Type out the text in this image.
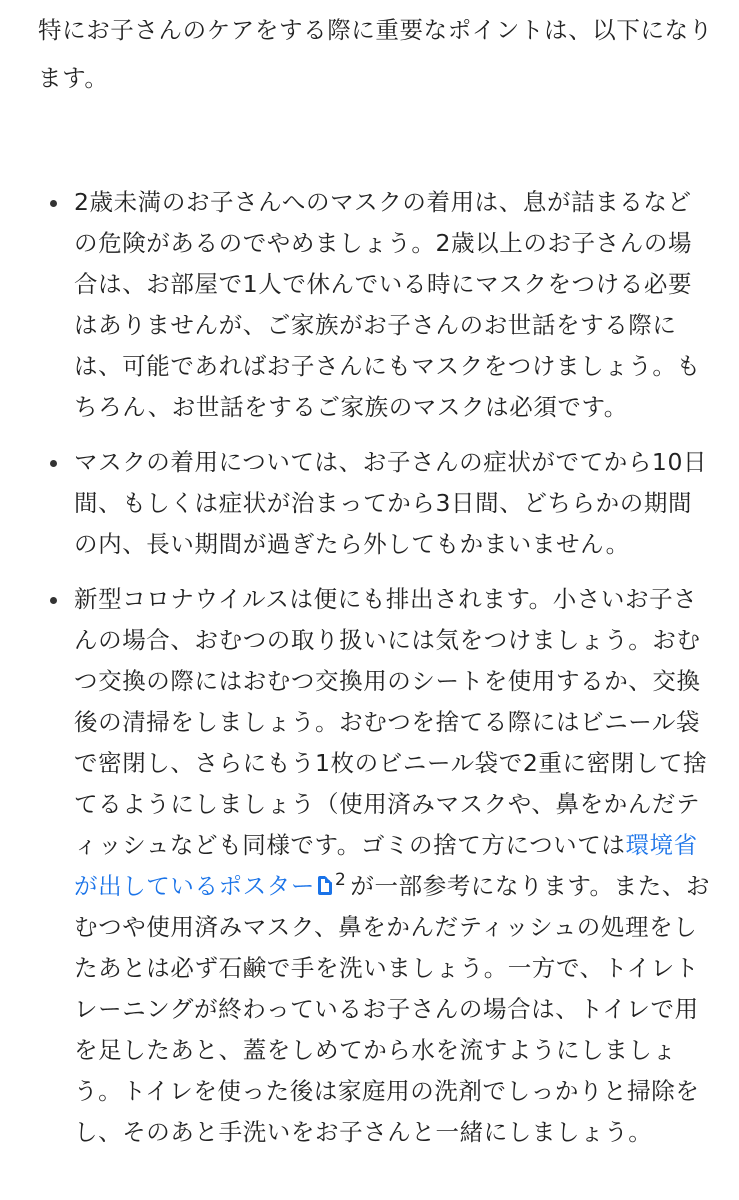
特にお子さんのケアをする際に重要なポイントは、以下になります。

2歳未満のお子さんへのマスクの着用は、息が詰まるなどの危険があるのでやめましょう。2歳以上のお子さんの場合は、お部屋で1人で休んでいる時にマスクをつける必要はありませんが、ご家族がお子さんのお世話をする際には、可能であればお子さんにもマスクをつけましょう。もちろん、お世話をするご家族のマスクは必須です。
マスクの着用については、お子さんの症状がでてから10日間、もしくは症状が治まってから3日間、どちらかの期間の内、長い期間が過ぎたら外してもかまいません。
新型コロナウイルスは便にも排出されます。小さいお子さんの場合、おむつの取り扱いには気をつけましょう。おむつ交換の際にはおむつ交換用のシートを使用するか、交換後の清掃をしましょう。おむつを捨てる際にはビニール袋で密閉し、さらにもう1枚のビニール袋で2重に密閉して捨てるようにしましょう（使用済みマスクや、鼻をかんだティッシュなども同様です。ゴミの捨て方については環境省が出しているポスター $^2$ が一部参考になります。また、おむつや使用済みマスク、鼻をかんだティッシュの処理をしたあとは必ず石鹸で手を洗いましょう。一方で、トイレトレーニングが終わっているお子さんの場合は、トイレで用を足したあと、蓋をしめてから水を流すようにしましょう。トイレを使った後は家庭用の洗剤でしっかりと掃除をし、そのあと手洗いをお子さんと一緒にしましょう。
